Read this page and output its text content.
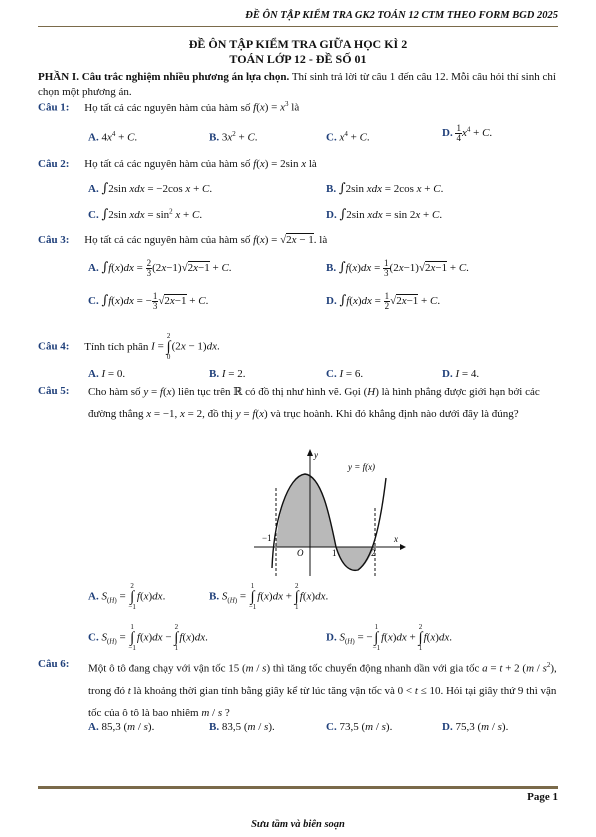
ĐỀ ÔN TẬP KIỂM TRA GK2 TOÁN 12 CTM THEO FORM BGD 2025
ĐỀ ÔN TẬP KIỂM TRA GIỮA HỌC KÌ 2
TOÁN LỚP 12 - ĐỀ SỐ 01
PHẦN I. Câu trắc nghiệm nhiều phương án lựa chọn. Thí sinh trả lời từ câu 1 đến câu 12. Mỗi câu hỏi thí sinh chỉ chọn một phương án.
Câu 1: Họ tất cả các nguyên hàm của hàm số $f(x) = x^3$ là
A. $4x^4 + C$.	B. $3x^2 + C$.	C. $x^4 + C$.	D. $\frac{1}{4} x^4 + C$.
Câu 2: Họ tất cả các nguyên hàm của hàm số f(x) = 2sin x là
A. ∫2sin xdx = −2cos x + C.	B. ∫2sin xdx = 2cos x + C.
C. ∫2sin xdx = $\sin^2 x + C$.	D. ∫2sin xdx = sin 2x + C.
Câu 3: Họ tất cả các nguyên hàm của hàm số f(x) = √2x − 1. là
A. $\int f(x)dx = \frac{2}{3} (2x-1)√2x-1 + C$.	B. $\int f(x)dx = \frac{1}{3} (2x-1)√2x-1 + C$.
C. ∫f(x)dx = − $\frac{1}{3} √2x-1 + C$.	D. $\int f(x)dx = \frac{1}{2} √2x-1 + C$.
Câu 4: Tính tích phân I = 2
∫
0(2x − 1)dx.
A. I = 0.	B. I = 2.	C. I = 6.	D. I = 4.
Câu 5: Cho hàm số y = f(x) liên tục trên ℝ có đồ thị như hình vẽ. Gọi (H) là hình phẳng được giới hạn bởi các đường thẳng x = −1, x = 2, đồ thị y = f(x) và trục hoành. Khi đó khẳng định nào dưới đây là đúng?
y
x
y = f(x)
−1
O	1	2
A. $S_{(H)} = 2$
∫
−1f(x)dx.	B. $S_{(H)} = 1$
∫
−1f(x)dx + 2
∫
1f(x)dx.
C. $S_{(H)} = 1$
∫
−1f(x)dx − 2
∫
1f(x)dx.	D. $S_{(H)} = -1$
∫
−1f(x)dx + 2
∫
1f(x)dx.
Câu 6: Một ô tô đang chạy với vận tốc 15 (m / s) thì tăng tốc chuyển động nhanh dần với gia tốc a = t + 2 $(m / s^2)$, trong đó t là khoảng thời gian tính bằng giây kể từ lúc tăng vận tốc và 0 < t ≤ 10. Hỏi tại giây thứ 9 thì vận tốc của ô tô là bao nhiêm m / s ?
A. 85,3 (m / s).	B. 83,5 (m / s).	C. 73,5 (m / s).	D. 75,3 (m / s).
Page 1
Sưu tầm và biên soạn
